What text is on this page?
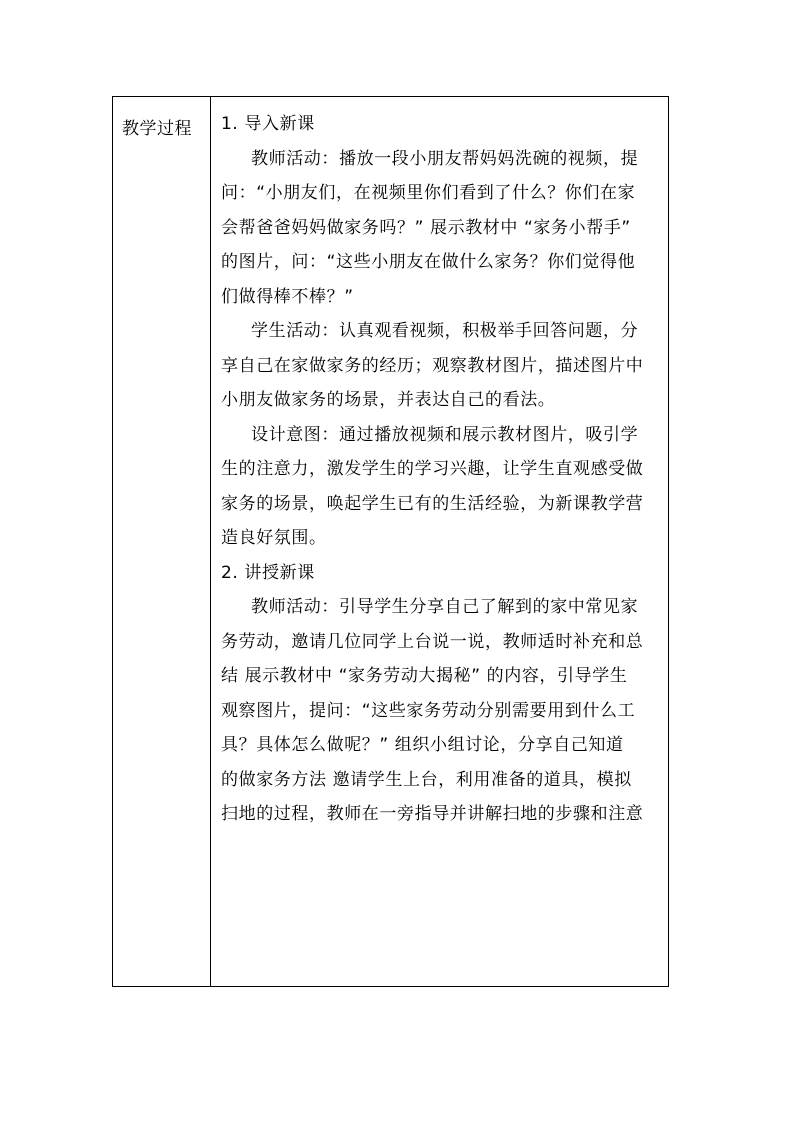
教学过程 1. 导入新课
教师活动：播放一段小朋友帮妈妈洗碗的视频，提
问：“小朋友们，在视频里你们看到了什么？你们在家
会帮爸爸妈妈做家务吗？” 展示教材中 “家务小帮手”
的图片，问：“这些小朋友在做什么家务？你们觉得他
们做得棒不棒？”
学生活动：认真观看视频，积极举手回答问题，分
享自己在家做家务的经历；观察教材图片，描述图片中
小朋友做家务的场景，并表达自己的看法。
设计意图：通过播放视频和展示教材图片，吸引学
生的注意力，激发学生的学习兴趣，让学生直观感受做
家务的场景，唤起学生已有的生活经验，为新课教学营
造良好氛围。
2. 讲授新课
教师活动：引导学生分享自己了解到的家中常见家
务劳动，邀请几位同学上台说一说，教师适时补充和总
结 展示教材中 “家务劳动大揭秘” 的内容，引导学生
观察图片，提问：“这些家务劳动分别需要用到什么工
具？具体怎么做呢？” 组织小组讨论，分享自己知道
的做家务方法 邀请学生上台，利用准备的道具，模拟
扫地的过程，教师在一旁指导并讲解扫地的步骤和注意
